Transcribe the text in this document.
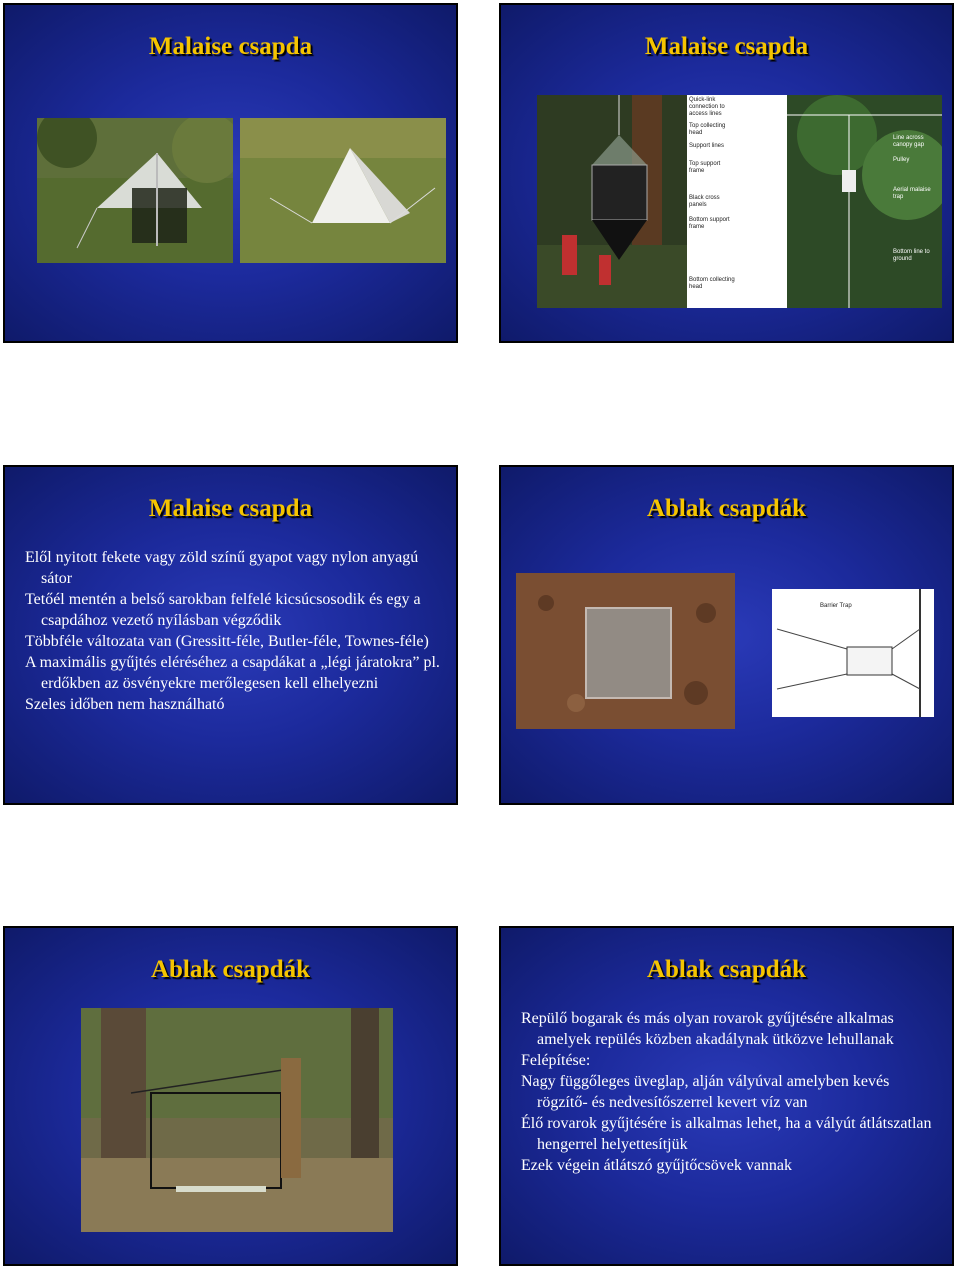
Malaise csapda	Malaise csapda
Quick-link connection to access lines
Top collecting head
Support lines
Top support frame
Black cross panels
Bottom support frame
Bottom collecting head
Line across canopy gap
Pulley
Aerial malaise trap
Bottom line to ground
Malaise csapda

Elől nyitott fekete vagy zöld színű gyapot vagy nylon anyagú sátor

Tetőél mentén a belső sarokban felfelé kicsúcsosodik és egy a csapdához vezető nyílásban végződik

Többféle változata van (Gressitt-féle, Butler-féle, Townes-féle)

A maximális gyűjtés eléréséhez a csapdákat a „légi járatokra” pl. erdőkben az ösvényekre merőlegesen kell elhelyezni

Szeles időben nem használható

Ablak csapdák
Barrier Trap
Ablak csapdák	Ablak csapdák

Repülő bogarak és más olyan rovarok gyűjtésére alkalmas amelyek repülés közben akadálynak ütközve lehullanak

Felépítése:

Nagy függőleges üveglap, alján vályúval amelyben kevés rögzítő- és nedvesítőszerrel kevert víz van

Élő rovarok gyűjtésére is alkalmas lehet, ha a vályút átlátszatlan hengerrel helyettesítjük

Ezek végein átlátszó gyűjtőcsövek vannak
